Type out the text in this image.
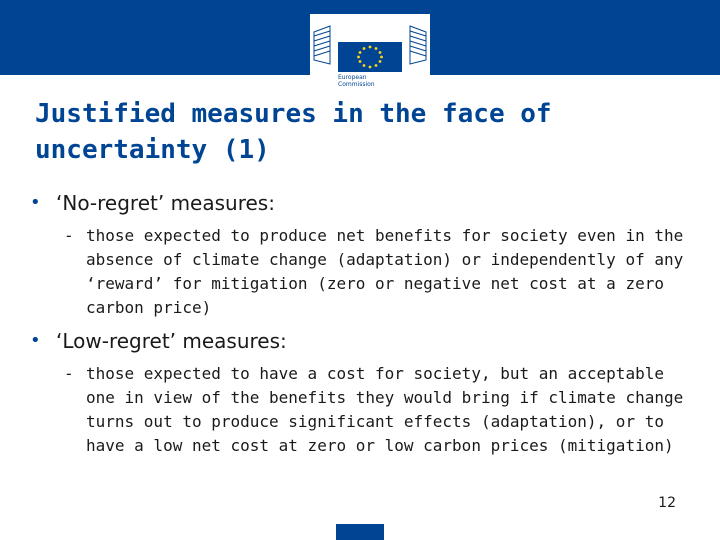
European
Commission
Justified measures in the face of
uncertainty (1)
• ‘No-regret’ measures:
- those expected to produce net benefits for society even in the absence of climate change (adaptation) or independently of any ‘reward’ for mitigation (zero or negative net cost at a zero carbon price)
• ‘Low-regret’ measures:
- those expected to have a cost for society, but an acceptable one in view of the benefits they would bring if climate change turns out to produce significant effects (adaptation), or to have a low net cost at zero or low carbon prices (mitigation)
12
